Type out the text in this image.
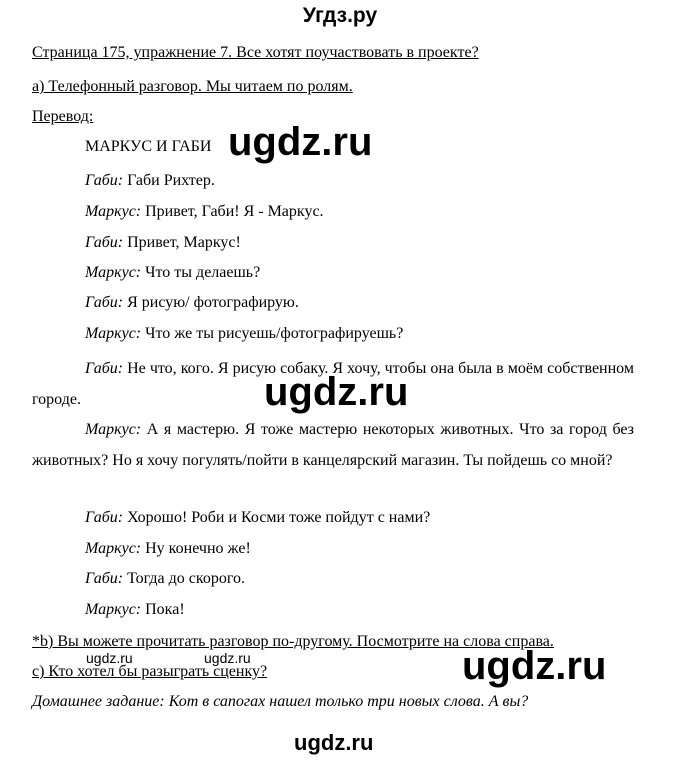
Угдз.ру
Страница 175, упражнение 7. Все хотят поучаствовать в проекте?
а) Телефонный разговор. Мы читаем по ролям.
Перевод:
МАРКУС И ГАБИ
Габи: Габи Рихтер.
Маркус: Привет, Габи! Я - Маркус.
Габи: Привет, Маркус!
Маркус: Что ты делаешь?
Габи: Я рисую/ фотографирую.
Маркус: Что же ты рисуешь/фотографируешь?
Габи: Не что, кого. Я рисую собаку. Я хочу, чтобы она была в моём собственном городе.
Маркус: А я мастерю. Я тоже мастерю некоторых животных. Что за город без животных? Но я хочу погулять/пойти в канцелярский магазин. Ты пойдешь со мной?
Габи: Хорошо! Роби и Косми тоже пойдут с нами?
Маркус: Ну конечно же!
Габи: Тогда до скорого.
Маркус: Пока!
*b) Вы можете прочитать разговор по-другому. Посмотрите на слова справа.
c) Кто хотел бы разыграть сценку?
Домашнее задание: Кот в сапогах нашел только три новых слова. А вы?
ugdz.ru
ugdz.ru
ugdz.ru
ugdz.ru	ugdz.ru
ugdz.ru
